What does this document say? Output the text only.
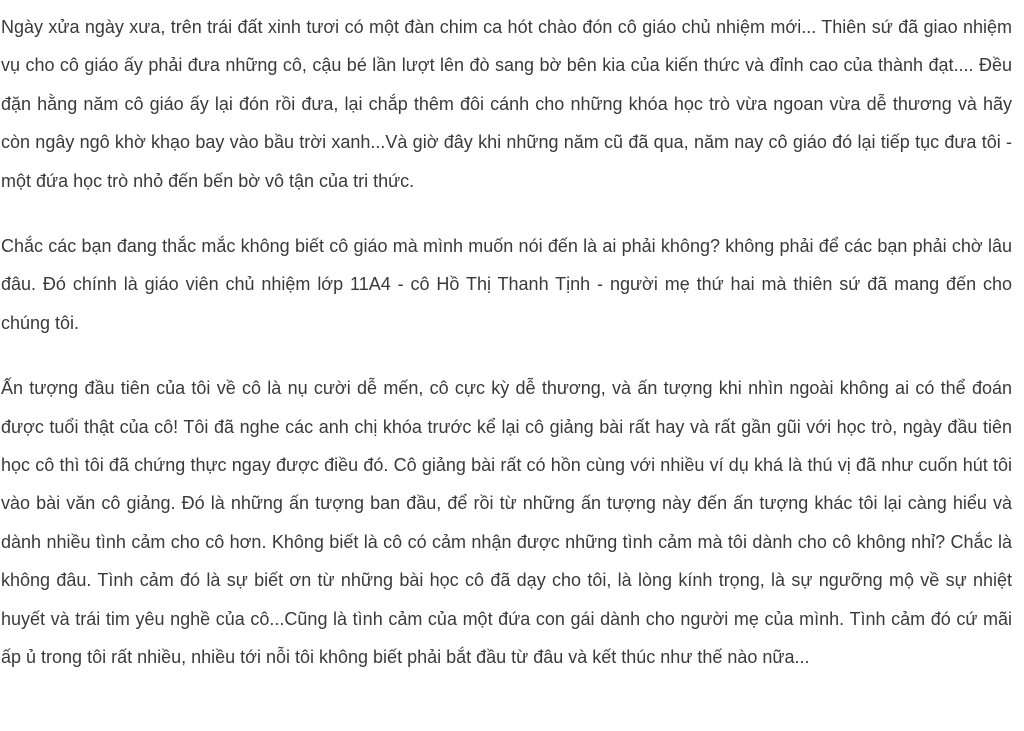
Ngày xửa ngày xưa, trên trái đất xinh tươi có một đàn chim ca hót chào đón cô giáo chủ nhiệm mới... Thiên sứ đã giao nhiệm vụ cho cô giáo ấy phải đưa những cô, cậu bé lần lượt lên đò sang bờ bên kia của kiến thức và đỉnh cao của thành đạt.... Đều đặn hằng năm cô giáo ấy lại đón rồi đưa, lại chắp thêm đôi cánh cho những khóa học trò vừa ngoan vừa dễ thương và hãy còn ngây ngô khờ khạo bay vào bầu trời xanh...Và giờ đây khi những năm cũ đã qua, năm nay cô giáo đó lại tiếp tục đưa tôi - một đứa học trò nhỏ đến bến bờ vô tận của tri thức.

Chắc các bạn đang thắc mắc không biết cô giáo mà mình muốn nói đến là ai phải không? không phải để các bạn phải chờ lâu đâu. Đó chính là giáo viên chủ nhiệm lớp 11A4 - cô Hồ Thị Thanh Tịnh - người mẹ thứ hai mà thiên sứ đã mang đến cho chúng tôi.

Ấn tượng đầu tiên của tôi về cô là nụ cười dễ mến, cô cực kỳ dễ thương, và ấn tượng khi nhìn ngoài không ai có thể đoán được tuổi thật của cô! Tôi đã nghe các anh chị khóa trước kể lại cô giảng bài rất hay và rất gần gũi với học trò, ngày đầu tiên học cô thì tôi đã chứng thực ngay được điều đó. Cô giảng bài rất có hồn cùng với nhiều ví dụ khá là thú vị đã như cuốn hút tôi vào bài văn cô giảng. Đó là những ấn tượng ban đầu, để rồi từ những ấn tượng này đến ấn tượng khác tôi lại càng hiểu và dành nhiều tình cảm cho cô hơn. Không biết là cô có cảm nhận được những tình cảm mà tôi dành cho cô không nhỉ? Chắc là không đâu. Tình cảm đó là sự biết ơn từ những bài học cô đã dạy cho tôi, là lòng kính trọng, là sự ngưỡng mộ về sự nhiệt huyết và trái tim yêu nghề của cô...Cũng là tình cảm của một đứa con gái dành cho người mẹ của mình. Tình cảm đó cứ mãi ấp ủ trong tôi rất nhiều, nhiều tới nỗi tôi không biết phải bắt đầu từ đâu và kết thúc như thế nào nữa...
